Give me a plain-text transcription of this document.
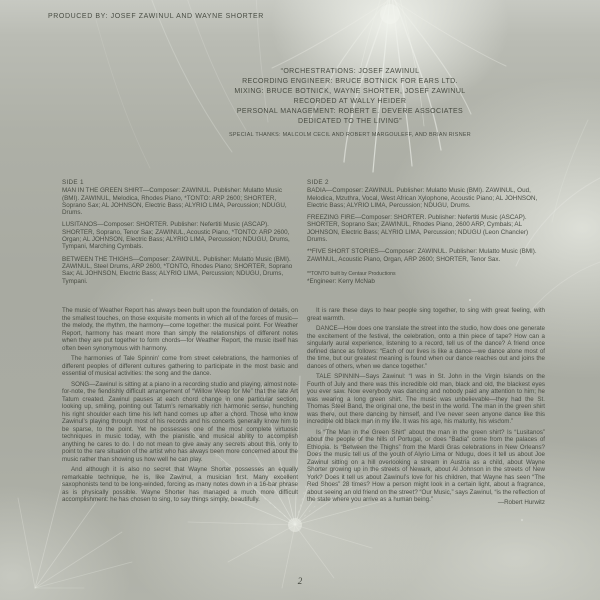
PRODUCED BY: JOSEF ZAWINUL AND WAYNE SHORTER
“ORCHESTRATIONS: JOSEF ZAWINUL
RECORDING ENGINEER: BRUCE BOTNICK FOR EARS LTD.
MIXING: BRUCE BOTNICK, WAYNE SHORTER, JOSEF ZAWINUL
RECORDED AT WALLY HEIDER
PERSONAL MANAGEMENT: ROBERT E. DEVERE ASSOCIATES
DEDICATED TO THE LIVING”
SPECIAL THANKS: MALCOLM CECIL AND ROBERT MARGOULEFF, AND BRIAN RISNER
SIDE 1
MAN IN THE GREEN SHIRT—Composer: ZAWINUL. Publisher: Mulatto Music (BMI). ZAWINUL, Melodica, Rhodes Piano, *TONTO: ARP 2600; SHORTER, Soprano Sax; AL JOHNSON, Electric Bass; ALYRIO LIMA, Percussion; NDUGU, Drums.
LUSITANOS—Composer: SHORTER. Publisher: Nefertiti Music (ASCAP). SHORTER, Soprano, Tenor Sax; ZAWINUL, Acoustic Piano, *TONTO: ARP 2600, Organ; AL JOHNSON, Electric Bass; ALYRIO LIMA, Percussion; NDUGU, Drums, Tympani, Marching Cymbals.
BETWEEN THE THIGHS—Composer: ZAWINUL. Publisher: Mulatto Music (BMI). ZAWINUL, Steel Drums, ARP 2600, *TONTO, Rhodes Piano; SHORTER, Soprano Sax; AL JOHNSON, Electric Bass; ALYRIO LIMA, Percussion; NDUGU, Drums, Tympani.
SIDE 2
BADIA—Composer: ZAWINUL. Publisher: Mulatto Music (BMI). ZAWINUL, Oud, Melodica, Mzuthra, Vocal, West African Xylophone, Acoustic Piano; AL JOHNSON, Electric Bass; ALYRIO LIMA, Percussion; NDUGU, Drums.
FREEZING FIRE—Composer: SHORTER. Publisher: Nefertiti Music (ASCAP). SHORTER, Soprano Sax; ZAWINUL, Rhodes Piano, 2600 ARP, Cymbals; AL JOHNSON, Electric Bass; ALYRIO LIMA, Percussion; NDUGU (Leon Chancler) Drums.
**FIVE SHORT STORIES—Composer: ZAWINUL. Publisher: Mulatto Music (BMI). ZAWINUL, Acoustic Piano, Organ, ARP 2600; SHORTER, Tenor Sax.
**TONTO built by Centaur Productions
*Engineer: Kerry McNab

The music of Weather Report has always been built upon the foundation of details, on the smallest touches, on those exquisite moments in which all of the forces of music—the melody, the rhythm, the harmony—come together: the musical point. For Weather Report, harmony has meant more than simply the relationships of different notes when they are put together to form chords—for Weather Report, the music itself has often been synonymous with harmony.

The harmonies of Tale Spinnin’ come from street celebrations, the harmonies of different peoples of different cultures gathering to participate in the most basic and essential of musical activities: the song and the dance.

SONG—Zawinul is sitting at a piano in a recording studio and playing, almost note-for-note, the fiendishly difficult arrangement of “Willow Weep for Me” that the late Art Tatum created. Zawinul pauses at each chord change in one particular section, looking up, smiling, pointing out Tatum’s remarkably rich harmonic sense, hunching his right shoulder each time his left hand comes up after a chord. Those who know Zawinul’s playing through most of his records and his concerts generally know him to be sparse, to the point. Yet he possesses one of the most complete virtuosic techniques in music today, with the pianistic and musical ability to accomplish anything he cares to do. I do not mean to give away any secrets about this, only to point to the rare situation of the artist who has always been more concerned about the music rather than showing us how well he can play.

And although it is also no secret that Wayne Shorter possesses an equally remarkable technique, he is, like Zawinul, a musician first. Many excellent saxophonists tend to be long-winded, forcing as many notes down in a 16-bar phrase as is physically possible. Wayne Shorter has managed a much more difficult accomplishment: he has chosen to sing, to say things simply, beautifully.

It is rare these days to hear people sing together, to sing with great feeling, with great warmth.

DANCE—How does one translate the street into the studio, how does one generate the excitement of the festival, the celebration, onto a thin piece of tape? How can a singularly aural experience, listening to a record, tell us of the dance? A friend once defined dance as follows: “Each of our lives is like a dance—we dance alone most of the time, but our greatest meaning is found when our dance reaches out and joins the dances of others, when we dance together.”

TALE SPINNIN—Says Zawinul: “I was in St. John in the Virgin Islands on the Fourth of July and there was this incredible old man, black and old, the blackest eyes you ever saw. Now everybody was dancing and nobody paid any attention to him; he was wearing a long green shirt. The music was unbelievable—they had the St. Thomas Steel Band, the original one, the best in the world. The man in the green shirt was there, out there dancing by himself, and I’ve never seen anyone dance like this incredible old black man in my life. It was his age, his maturity, his wisdom.”

Is “The Man in the Green Shirt” about the man in the green shirt? Is “Lusitanos” about the people of the hills of Portugal, or does “Badia” come from the palaces of Ethiopia. Is “Between the Thighs” from the Mardi Gras celebrations in New Orleans? Does the music tell us of the youth of Alyrio Lima or Ndugu, does it tell us about Joe Zawinul sitting on a hill overlooking a stream in Austria as a child, about Wayne Shorter growing up in the streets of Newark, about Al Johnson in the streets of New York? Does it tell us about Zawinul’s love for his children, that Wayne has seen “The Red Shoes” 28 times? How a person might look in a certain light, about a fragrance, about seeing an old friend on the street? “Our Music,” says Zawinul, “is the reflection of the state where you arrive as a human being.”	—Robert Hurwitz
2
